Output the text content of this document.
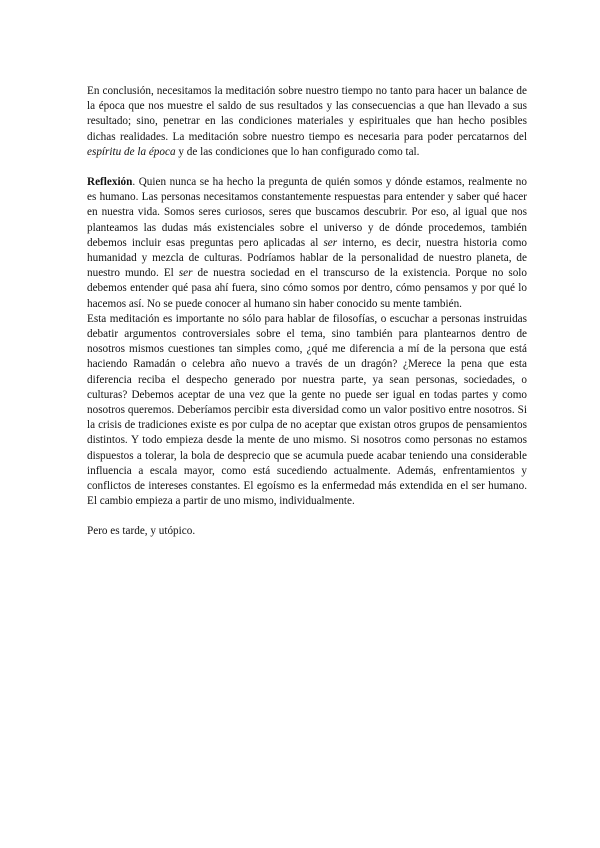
En conclusión, necesitamos la meditación sobre nuestro tiempo no tanto para hacer un balance de la época que nos muestre el saldo de sus resultados y las consecuencias a que han llevado a sus resultado; sino, penetrar en las condiciones materiales y espirituales que han hecho posibles dichas realidades. La meditación sobre nuestro tiempo es necesaria para poder percatarnos del espíritu de la época y de las condiciones que lo han configurado como tal.

Reflexión. Quien nunca se ha hecho la pregunta de quién somos y dónde estamos, realmente no es humano. Las personas necesitamos constantemente respuestas para entender y saber qué hacer en nuestra vida. Somos seres curiosos, seres que buscamos descubrir. Por eso, al igual que nos planteamos las dudas más existenciales sobre el universo y de dónde procedemos, también debemos incluir esas preguntas pero aplicadas al ser interno, es decir, nuestra historia como humanidad y mezcla de culturas. Podríamos hablar de la personalidad de nuestro planeta, de nuestro mundo. El ser de nuestra sociedad en el transcurso de la existencia. Porque no solo debemos entender qué pasa ahí fuera, sino cómo somos por dentro, cómo pensamos y por qué lo hacemos así. No se puede conocer al humano sin haber conocido su mente también.

Esta meditación es importante no sólo para hablar de filosofías, o escuchar a personas instruidas debatir argumentos controversiales sobre el tema, sino también para plantearnos dentro de nosotros mismos cuestiones tan simples como, ¿qué me diferencia a mí de la persona que está haciendo Ramadán o celebra año nuevo a través de un dragón? ¿Merece la pena que esta diferencia reciba el despecho generado por nuestra parte, ya sean personas, sociedades, o culturas? Debemos aceptar de una vez que la gente no puede ser igual en todas partes y como nosotros queremos. Deberíamos percibir esta diversidad como un valor positivo entre nosotros. Si la crisis de tradiciones existe es por culpa de no aceptar que existan otros grupos de pensamientos distintos. Y todo empieza desde la mente de uno mismo. Si nosotros como personas no estamos dispuestos a tolerar, la bola de desprecio que se acumula puede acabar teniendo una considerable influencia a escala mayor, como está sucediendo actualmente. Además, enfrentamientos y conflictos de intereses constantes. El egoísmo es la enfermedad más extendida en el ser humano. El cambio empieza a partir de uno mismo, individualmente.

Pero es tarde, y utópico.
